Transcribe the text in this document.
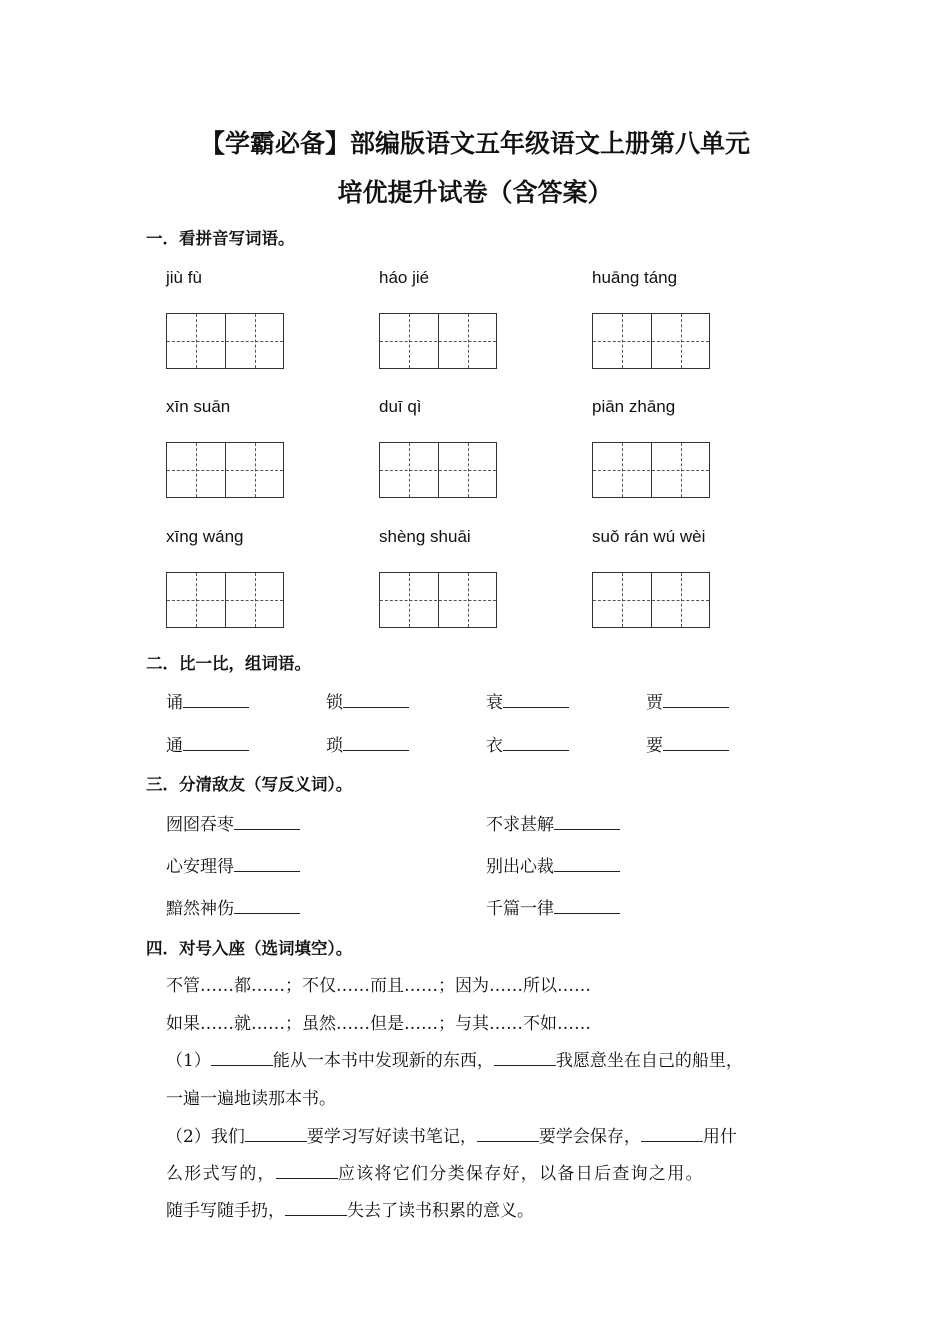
【学霸必备】部编版语文五年级语文上册第八单元
培优提升试卷（含答案）
一．看拼音写词语。
jiù fù	háo jié	huāng táng
xīn suān	duī qì	piān zhāng
xīng wáng	shèng shuāi	suǒ rán wú wèi
二．比一比，组词语。
诵	锁	衰	贾
通	琐	衣	要
三．分清敌友（写反义词）。
囫囵吞枣	不求甚解
心安理得	别出心裁
黯然神伤	千篇一律
四．对号入座（选词填空）。
不管……都……；不仅……而且……；因为……所以……
如果……就……；虽然……但是……；与其……不如……
（1）	能从一本书中发现新的东西，	我愿意坐在自己的船里，
一遍一遍地读那本书。
（2）我们	要学习写好读书笔记，	要学会保存，	用什
么形式写的，	应该将它们分类保存好，以备日后查询之用。
随手写随手扔，	失去了读书积累的意义。
